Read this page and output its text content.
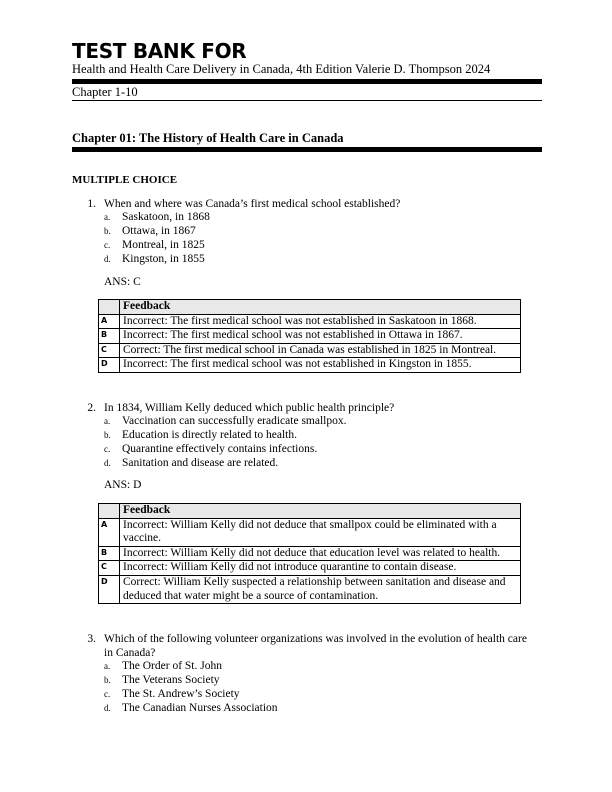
TEST BANK FOR
Health and Health Care Delivery in Canada, 4th Edition Valerie D. Thompson 2024
Chapter 1-10
Chapter 01: The History of Health Care in Canada
MULTIPLE CHOICE
1. When and where was Canada’s first medical school established?
a.	Saskatoon, in 1868
b. Ottawa, in 1867
c.	Montreal, in 1825
d. Kingston, in 1855
ANS: C
	Feedback
A	Incorrect: The first medical school was not established in Saskatoon in 1868.
B	Incorrect: The first medical school was not established in Ottawa in 1867.
C	Correct: The first medical school in Canada was established in 1825 in Montreal.
D	Incorrect: The first medical school was not established in Kingston in 1855.
2. In 1834, William Kelly deduced which public health principle?
a.	Vaccination can successfully eradicate smallpox.
b. Education is directly related to health.
c.	Quarantine effectively contains infections.
d. Sanitation and disease are related.
ANS: D
	Feedback
A	Incorrect: William Kelly did not deduce that smallpox could be eliminated with a vaccine.
B	Incorrect: William Kelly did not deduce that education level was related to health.
C	Incorrect: William Kelly did not introduce quarantine to contain disease.
D	Correct: William Kelly suspected a relationship between sanitation and disease and deduced that water might be a source of contamination.
3. Which of the following volunteer organizations was involved in the evolution of health care in Canada?
a.	The Order of St. John
b. The Veterans Society
c.	The St. Andrew’s Society
d. The Canadian Nurses Association
